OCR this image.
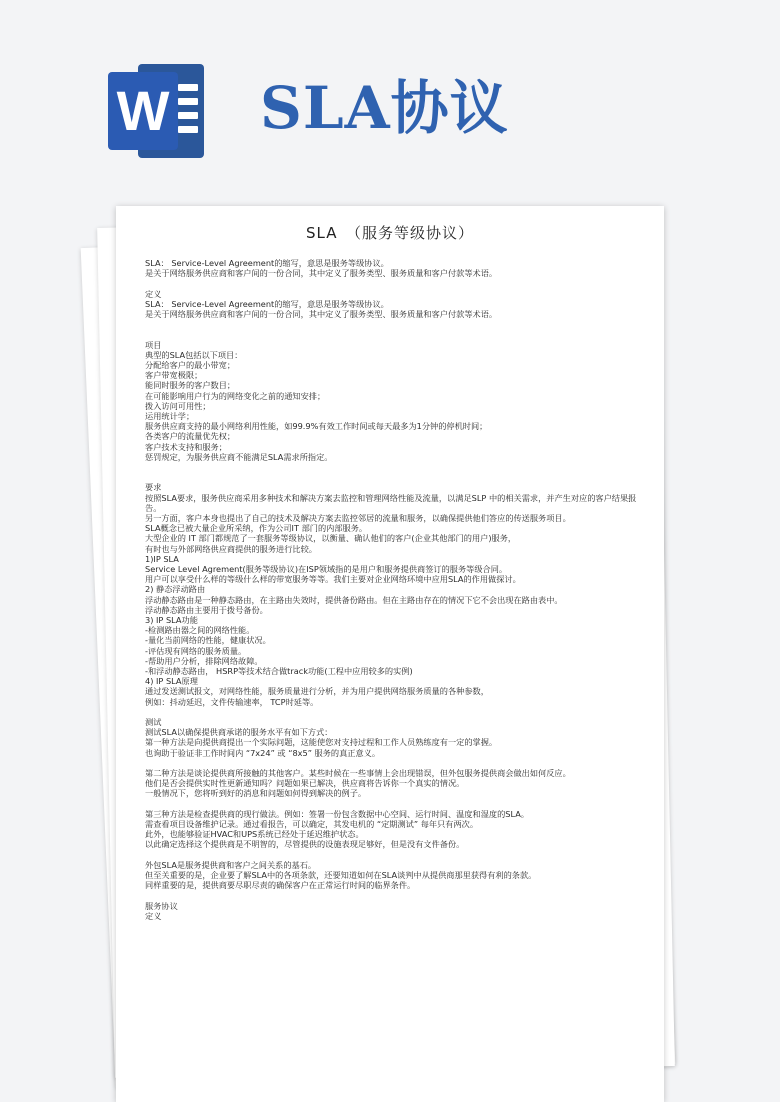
W SLA协议
SLA　（服务等级协议）
SLA： Service-Level Agreement的缩写，意思是服务等级协议。
是关于网络服务供应商和客户间的一份合同，其中定义了服务类型、服务质量和客户付款等术语。
定义
SLA： Service-Level Agreement的缩写，意思是服务等级协议。
是关于网络服务供应商和客户间的一份合同，其中定义了服务类型、服务质量和客户付款等术语。
项目
典型的SLA包括以下项目：
分配给客户的最小带宽；
客户带宽极限；
能同时服务的客户数目；
在可能影响用户行为的网络变化之前的通知安排；
拨入访问可用性；
运用统计学；
服务供应商支持的最小网络利用性能，如99.9%有效工作时间或每天最多为1分钟的停机时间；
各类客户的流量优先权；
客户技术支持和服务；
惩罚规定，为服务供应商不能满足SLA需求所指定。
要求
按照SLA要求，服务供应商采用多种技术和解决方案去监控和管理网络性能及流量，以满足SLP 中的相关需求，并产生对应的客户结果报告。
另一方面，客户本身也提出了自己的技术及解决方案去监控邻居的流量和服务，以确保提供他们答应的传送服务项目。
SLA概念已被大量企业所采纳，作为公司IT 部门的内部服务。
大型企业的 IT 部门都规范了一套服务等级协议，以衡量、确认他们的客户(企业其他部门的用户)服务，
有时也与外部网络供应商提供的服务进行比较。
1)IP SLA
Service Level Agrement(服务等级协议)在ISP领域指的是用户和服务提供商签订的服务等级合同。
用户可以享受什么样的等级什么样的带宽服务等等。我们主要对企业网络环境中应用SLA的作用做探讨。
2) 静态浮动路由
浮动静态路由是一种静态路由，在主路由失效时，提供备份路由。但在主路由存在的情况下它不会出现在路由表中。
浮动静态路由主要用于拨号备份。
3) IP SLA功能
-检测路由器之间的网络性能。
-量化当前网络的性能，健康状况。
-评估现有网络的服务质量。
-帮助用户分析，排除网络故障。
-和浮动静态路由， HSRP等技术结合做track功能(工程中应用较多的实例)
4) IP SLA原理
通过发送测试报文，对网络性能，服务质量进行分析，并为用户提供网络服务质量的各种参数，
例如：抖动延迟，文件传输速率， TCP时延等。
测试
测试SLA以确保提供商承诺的服务水平有如下方式：
第一种方法是向提供商提出一个实际问题，这能使您对支持过程和工作人员熟练度有一定的掌握。
也询助于验证非工作时间内 “7x24” 或 “8x5” 服务的真正意义。
第二种方法是谈论提供商所接触的其他客户。某些时候在一些事情上会出现错误，但外包服务提供商会做出如何反应。
他们是否会提供实时性更新通知吗？问题如果已解决，供应商将告诉你一个真实的情况。
一般情况下，您将听到好的消息和问题如何得到解决的例子。
第三种方法是检查提供商的现行做法。例如：签署一份包含数据中心空间、运行时间、温度和湿度的SLA。
需查看项目设备维护记录。通过看报告，可以确定，其发电机的 “定期测试” 每年只有两次。
此外，也能够验证HVAC和UPS系统已经处于延迟维护状态。
以此确定选择这个提供商是不明智的，尽管提供的设施表现足够好，但是没有文件备份。
外包SLA是服务提供商和客户之间关系的基石。
但至关重要的是，企业要了解SLA中的各项条款，还要知道如何在SLA谈判中从提供商那里获得有利的条款。
同样重要的是，提供商要尽职尽责的确保客户在正常运行时间的临界条件。
服务协议
定义
